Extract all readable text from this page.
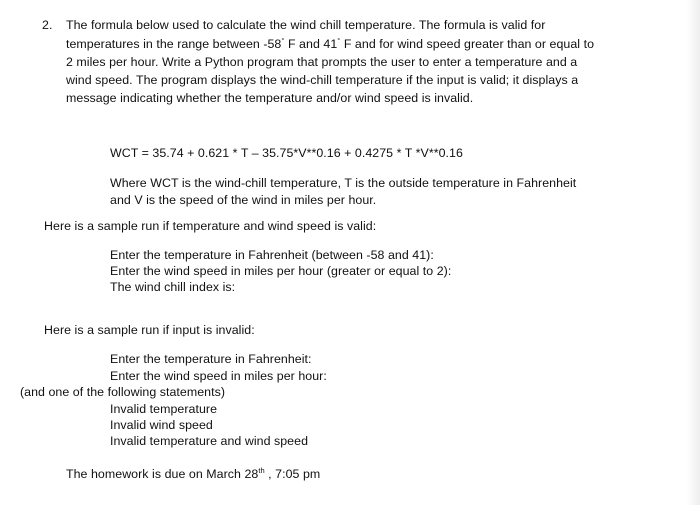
2. The formula below used to calculate the wind chill temperature. The formula is valid for
temperatures in the range between -58° F and 41° F and for wind speed greater than or equal to
2 miles per hour. Write a Python program that prompts the user to enter a temperature and a
wind speed. The program displays the wind-chill temperature if the input is valid; it displays a
message indicating whether the temperature and/or wind speed is invalid.
WCT = 35.74 + 0.621 * T – 35.75*V**0.16 + 0.4275 * T *V**0.16
Where WCT is the wind-chill temperature, T is the outside temperature in Fahrenheit
and V is the speed of the wind in miles per hour.
Here is a sample run if temperature and wind speed is valid:
Enter the temperature in Fahrenheit (between -58 and 41):
Enter the wind speed in miles per hour (greater or equal to 2):
The wind chill index is:
Here is a sample run if input is invalid:
Enter the temperature in Fahrenheit:
Enter the wind speed in miles per hour:
(and one of the following statements)
Invalid temperature
Invalid wind speed
Invalid temperature and wind speed
The homework is due on March 28th , 7:05 pm
